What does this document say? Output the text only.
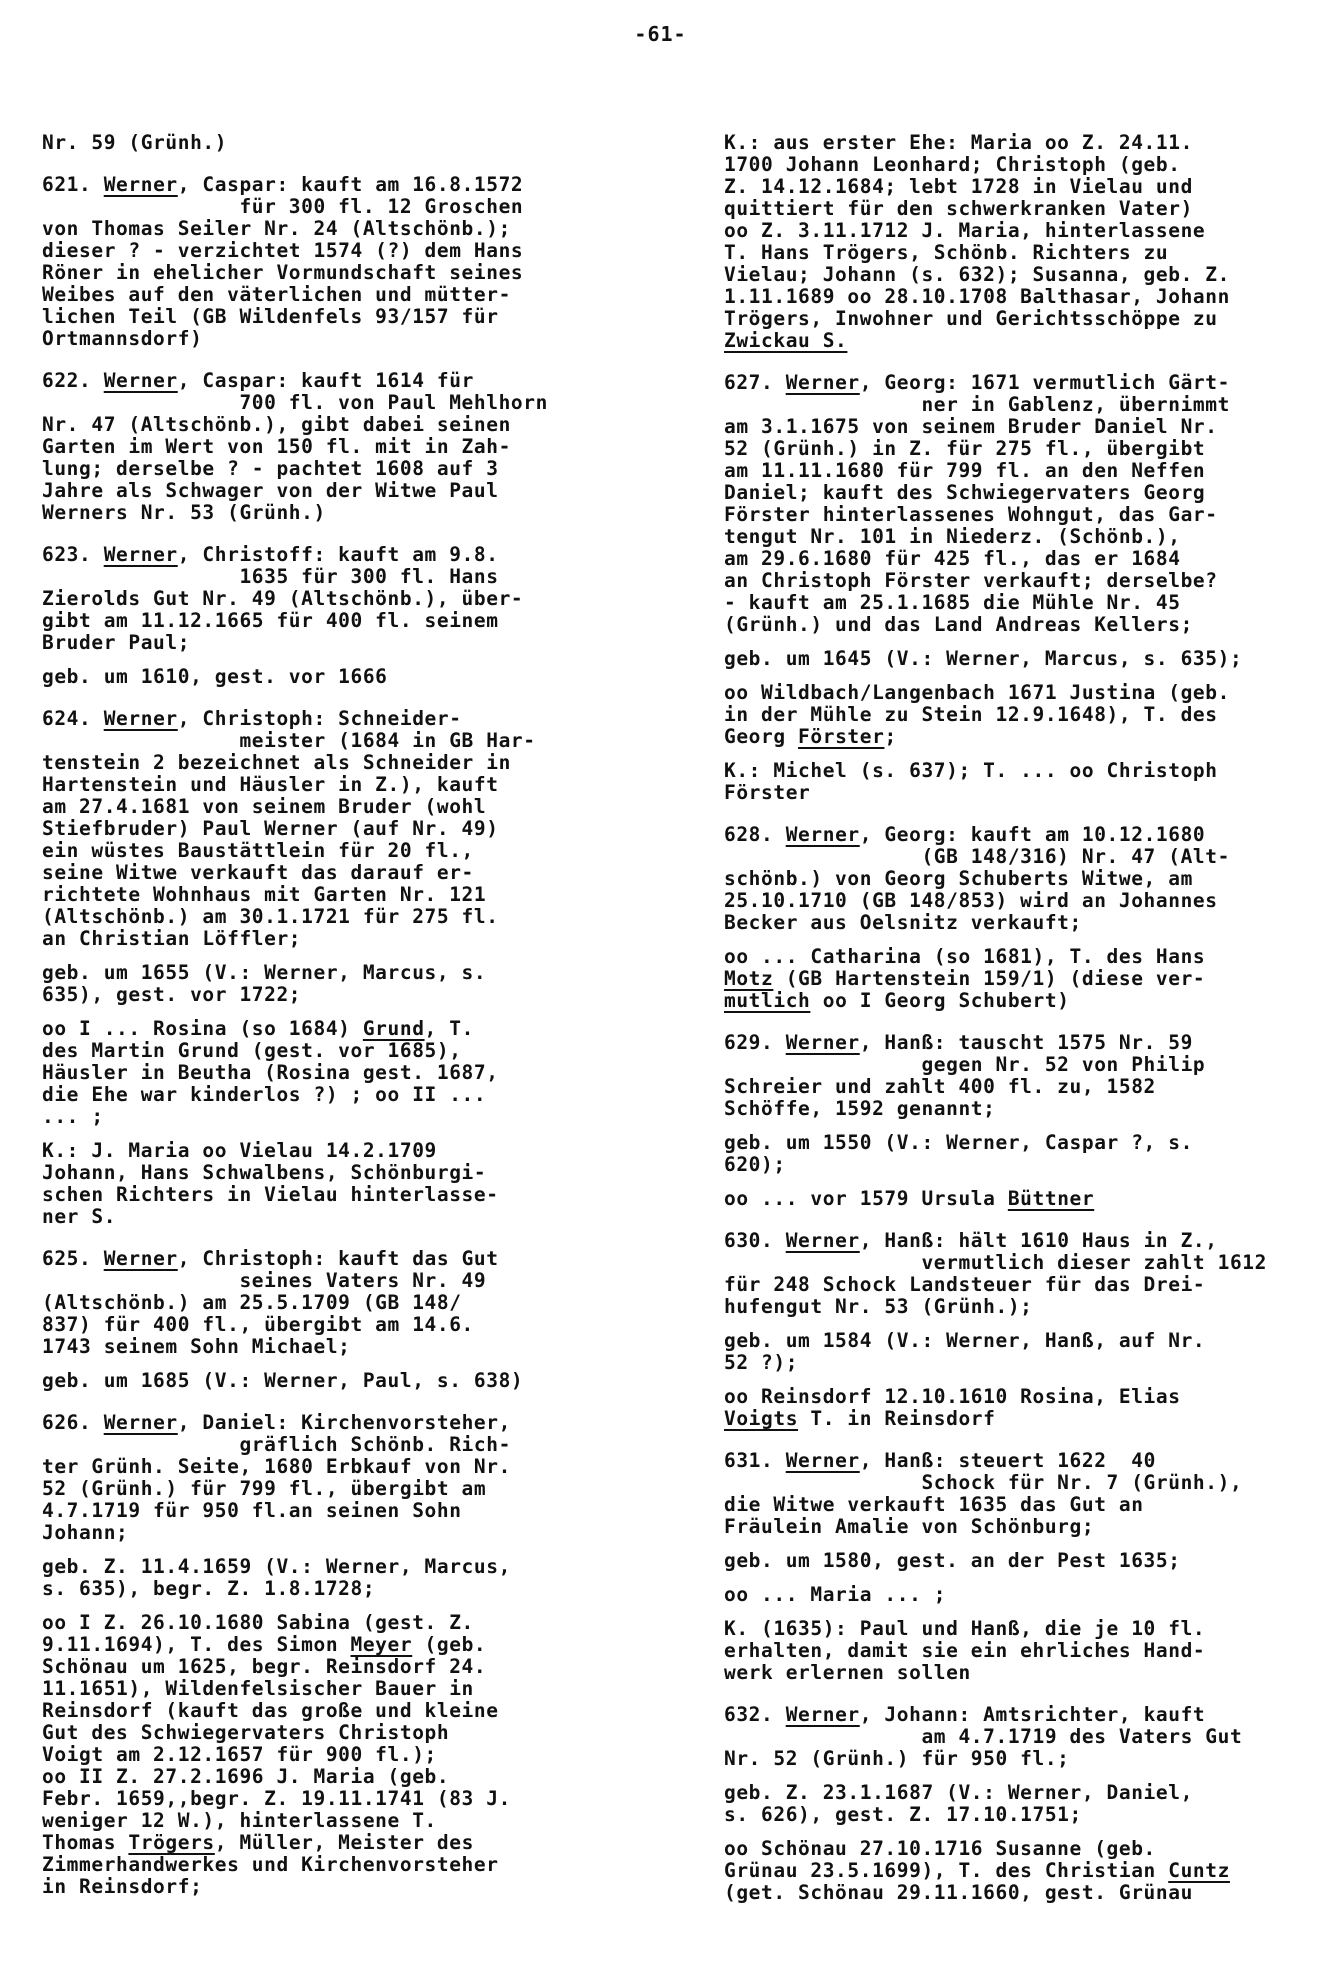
-61-

Nr. 59 (Grünh.)

621. Werner, Caspar: kauft am 16.8.1572
für 300 fl. 12 Groschen
von Thomas Seiler Nr. 24 (Altschönb.);
dieser ? - verzichtet 1574 (?) dem Hans
Röner in ehelicher Vormundschaft seines
Weibes auf den väterlichen und mütter-
lichen Teil (GB Wildenfels 93/157 für
Ortmannsdorf)

622. Werner, Caspar: kauft 1614 für
700 fl. von Paul Mehlhorn
Nr. 47 (Altschönb.), gibt dabei seinen
Garten im Wert von 150 fl. mit in Zah-
lung; derselbe ? - pachtet 1608 auf 3
Jahre als Schwager von der Witwe Paul
Werners Nr. 53 (Grünh.)

623. Werner, Christoff: kauft am 9.8.
1635 für 300 fl. Hans
Zierolds Gut Nr. 49 (Altschönb.), über-
gibt am 11.12.1665 für 400 fl. seinem
Bruder Paul;

geb. um 1610, gest. vor 1666

624. Werner, Christoph: Schneider-
meister (1684 in GB Har-
tenstein 2 bezeichnet als Schneider in
Hartenstein und Häusler in Z.), kauft
am 27.4.1681 von seinem Bruder (wohl
Stiefbruder) Paul Werner (auf Nr. 49)
ein wüstes Baustättlein für 20 fl.,
seine Witwe verkauft das darauf er-
richtete Wohnhaus mit Garten Nr. 121
(Altschönb.) am 30.1.1721 für 275 fl.
an Christian Löffler;

geb. um 1655 (V.: Werner, Marcus, s.
635), gest. vor 1722;

oo I ... Rosina (so 1684) Grund, T.
des Martin Grund (gest. vor 1685),
Häusler in Beutha (Rosina gest. 1687,
die Ehe war kinderlos ?) ; oo II ...
... ;

K.: J. Maria oo Vielau 14.2.1709
Johann, Hans Schwalbens, Schönburgi-
schen Richters in Vielau hinterlasse-
ner S.

625. Werner, Christoph: kauft das Gut
seines Vaters Nr. 49
(Altschönb.) am 25.5.1709 (GB 148/
837) für 400 fl., übergibt am 14.6.
1743 seinem Sohn Michael;

geb. um 1685 (V.: Werner, Paul, s. 638)

626. Werner, Daniel: Kirchenvorsteher,
gräflich Schönb. Rich-
ter Grünh. Seite, 1680 Erbkauf von Nr.
52 (Grünh.) für 799 fl., übergibt am
4.7.1719 für 950 fl.an seinen Sohn
Johann;

geb. Z. 11.4.1659 (V.: Werner, Marcus,
s. 635), begr. Z. 1.8.1728;

oo I Z. 26.10.1680 Sabina (gest. Z.
9.11.1694), T. des Simon Meyer (geb.
Schönau um 1625, begr. Reinsdorf 24.
11.1651), Wildenfelsischer Bauer in
Reinsdorf (kauft das große und kleine
Gut des Schwiegervaters Christoph
Voigt am 2.12.1657 für 900 fl.);
oo II Z. 27.2.1696 J. Maria (geb.
Febr. 1659,,begr. Z. 19.11.1741 (83 J.
weniger 12 W.), hinterlassene T.
Thomas Trögers, Müller, Meister des
Zimmerhandwerkes und Kirchenvorsteher
in Reinsdorf;

K.: aus erster Ehe: Maria oo Z. 24.11.
1700 Johann Leonhard; Christoph (geb.
Z. 14.12.1684; lebt 1728 in Vielau und
quittiert für den schwerkranken Vater)
oo Z. 3.11.1712 J. Maria, hinterlassene
T. Hans Trögers, Schönb. Richters zu
Vielau; Johann (s. 632); Susanna, geb. Z.
1.11.1689 oo 28.10.1708 Balthasar, Johann
Trögers, Inwohner und Gerichtsschöppe zu
Zwickau S.

627. Werner, Georg: 1671 vermutlich Gärt-
ner in Gablenz, übernimmt
am 3.1.1675 von seinem Bruder Daniel Nr.
52 (Grünh.) in Z. für 275 fl., übergibt
am 11.11.1680 für 799 fl. an den Neffen
Daniel; kauft des Schwiegervaters Georg
Förster hinterlassenes Wohngut, das Gar-
tengut Nr. 101 in Niederz. (Schönb.),
am 29.6.1680 für 425 fl., das er 1684
an Christoph Förster verkauft; derselbe?
- kauft am 25.1.1685 die Mühle Nr. 45
(Grünh.) und das Land Andreas Kellers;

geb. um 1645 (V.: Werner, Marcus, s. 635);

oo Wildbach/Langenbach 1671 Justina (geb.
in der Mühle zu Stein 12.9.1648), T. des
Georg Förster;

K.: Michel (s. 637); T. ... oo Christoph
Förster

628. Werner, Georg: kauft am 10.12.1680
(GB 148/316) Nr. 47 (Alt-
schönb.) von Georg Schuberts Witwe, am
25.10.1710 (GB 148/853) wird an Johannes
Becker aus Oelsnitz verkauft;

oo ... Catharina (so 1681), T. des Hans
Motz (GB Hartenstein 159/1) (diese ver-
mutlich oo I Georg Schubert)

629. Werner, Hanß: tauscht 1575 Nr. 59
gegen Nr. 52 von Philip
Schreier und zahlt 400 fl. zu, 1582
Schöffe, 1592 genannt;

geb. um 1550 (V.: Werner, Caspar ?, s.
620);

oo ... vor 1579 Ursula Büttner

630. Werner, Hanß: hält 1610 Haus in Z.,
vermutlich dieser zahlt 1612
für 248 Schock Landsteuer für das Drei-
hufengut Nr. 53 (Grünh.);

geb. um 1584 (V.: Werner, Hanß, auf Nr.
52 ?);

oo Reinsdorf 12.10.1610 Rosina, Elias
Voigts T. in Reinsdorf

631. Werner, Hanß: steuert 1622  40
Schock für Nr. 7 (Grünh.),
die Witwe verkauft 1635 das Gut an
Fräulein Amalie von Schönburg;

geb. um 1580, gest. an der Pest 1635;

oo ... Maria ... ;

K. (1635): Paul und Hanß, die je 10 fl.
erhalten, damit sie ein ehrliches Hand-
werk erlernen sollen

632. Werner, Johann: Amtsrichter, kauft
am 4.7.1719 des Vaters Gut
Nr. 52 (Grünh.) für 950 fl.;

geb. Z. 23.1.1687 (V.: Werner, Daniel,
s. 626), gest. Z. 17.10.1751;

oo Schönau 27.10.1716 Susanne (geb.
Grünau 23.5.1699), T. des Christian Cuntz
(get. Schönau 29.11.1660, gest. Grünau
